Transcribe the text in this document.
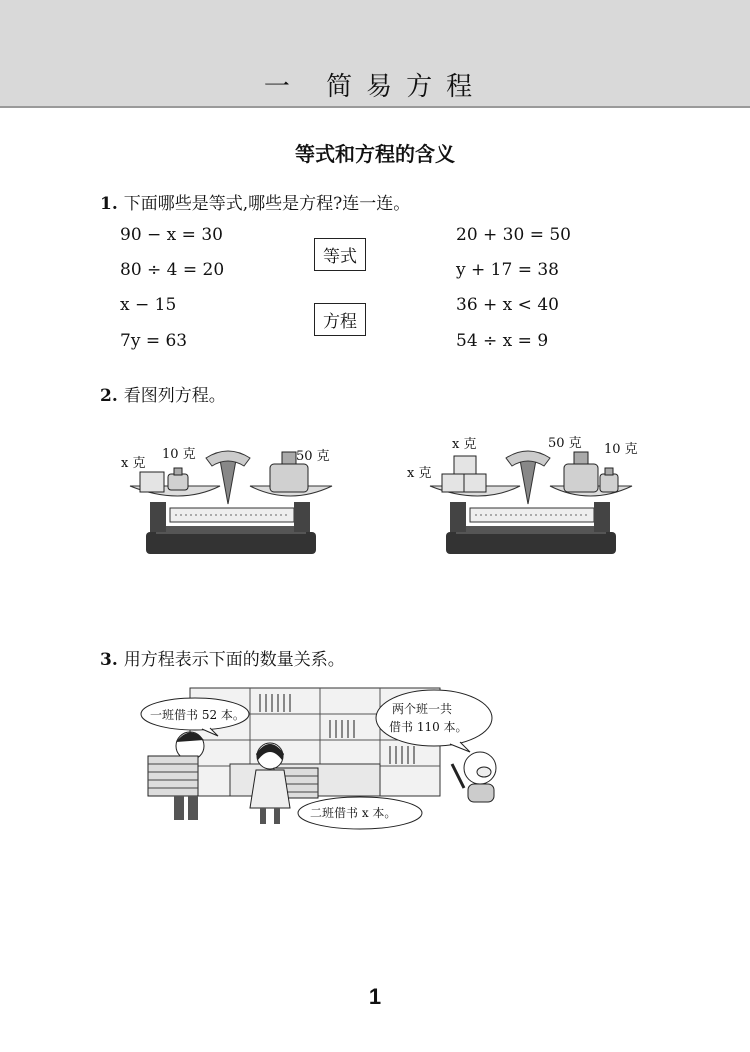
一 简易方程
等式和方程的含义
1. 下面哪些是等式,哪些是方程?连一连。
90 − x = 30
80 ÷ 4 = 20
x − 15
7y = 63
等式
方程
20 + 30 = 50
y + 17 = 38
36 + x < 40
54 ÷ x = 9
2. 看图列方程。
x 克
10 克	50 克
x 克
x 克
50 克 10 克
3. 用方程表示下面的数量关系。
一班借书 52 本。
二班借书 x 本。
两个班一共
借书 110 本。
1
